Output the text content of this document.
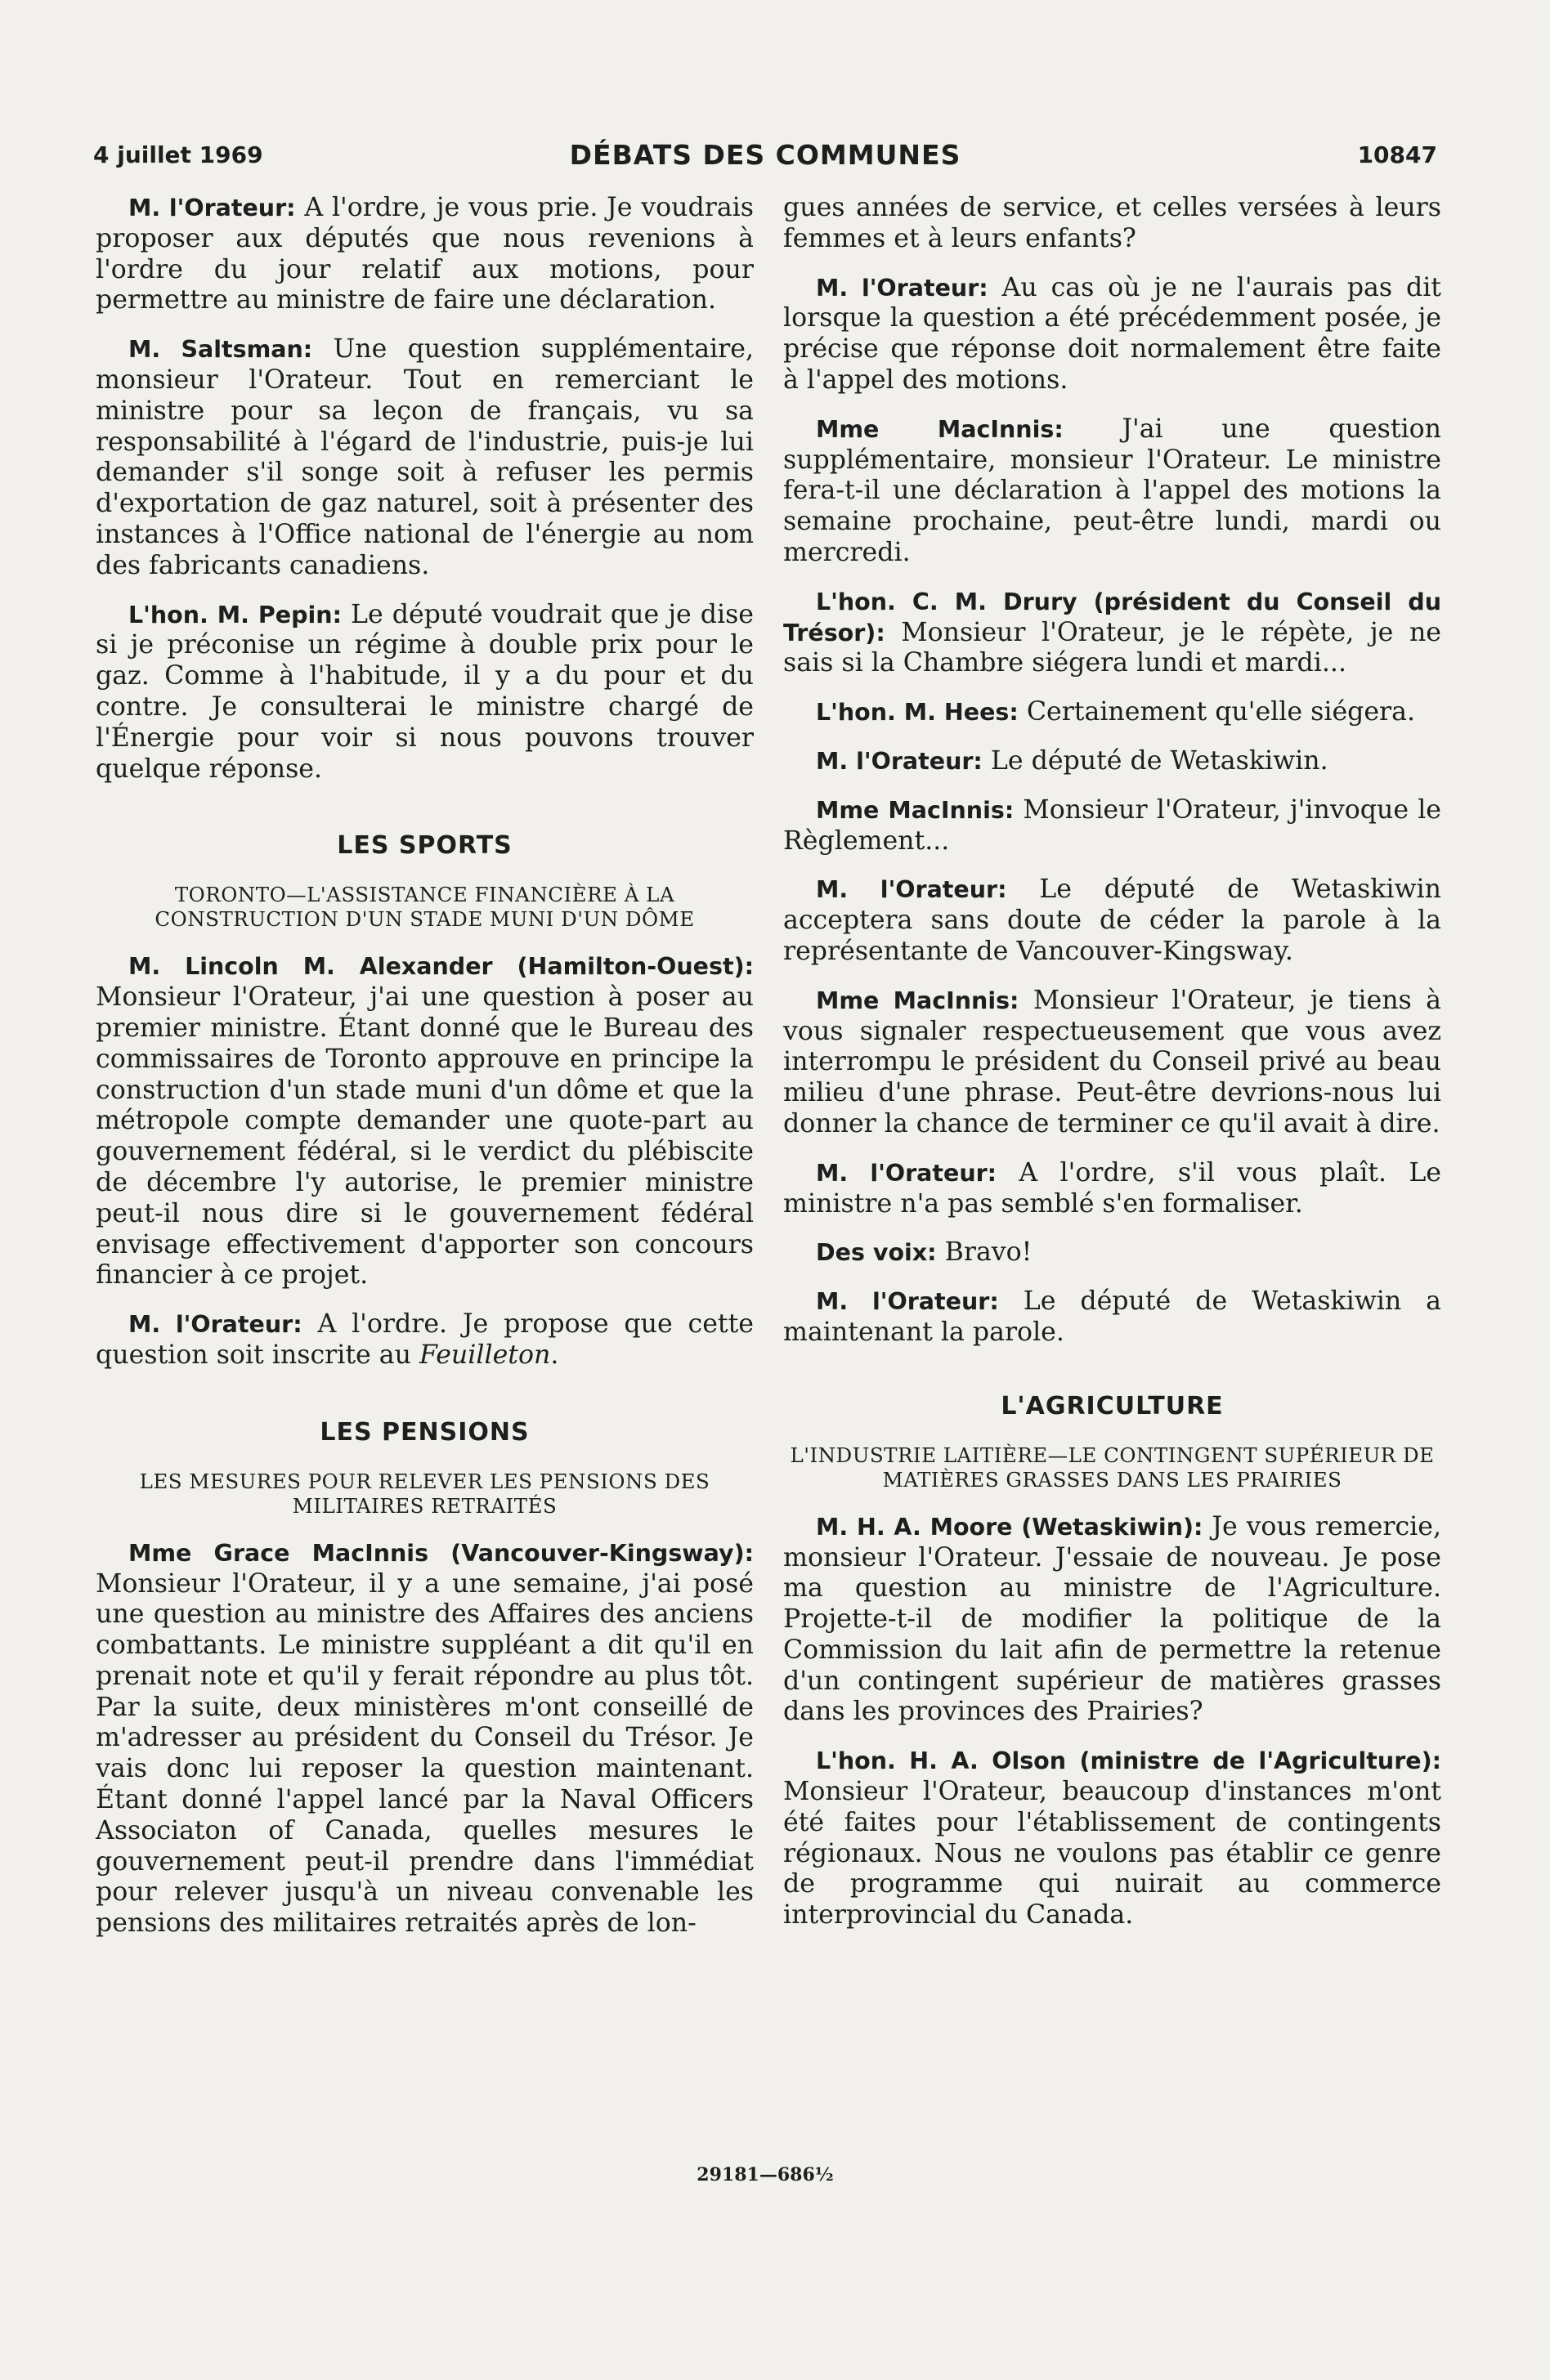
4 juillet 1969	DÉBATS DES COMMUNES	10847

M. l'Orateur: A l'ordre, je vous prie. Je voudrais proposer aux députés que nous revenions à l'ordre du jour relatif aux motions, pour permettre au ministre de faire une déclaration.

M. Saltsman: Une question supplémentaire, monsieur l'Orateur. Tout en remerciant le ministre pour sa leçon de français, vu sa responsabilité à l'égard de l'industrie, puis-je lui demander s'il songe soit à refuser les permis d'exportation de gaz naturel, soit à présenter des instances à l'Office national de l'énergie au nom des fabricants canadiens.

L'hon. M. Pepin: Le député voudrait que je dise si je préconise un régime à double prix pour le gaz. Comme à l'habitude, il y a du pour et du contre. Je consulterai le ministre chargé de l'Énergie pour voir si nous pouvons trouver quelque réponse.

LES SPORTS
TORONTO—L'ASSISTANCE FINANCIÈRE À LA CONSTRUCTION D'UN STADE MUNI D'UN DÔME

M. Lincoln M. Alexander (Hamilton-Ouest): Monsieur l'Orateur, j'ai une question à poser au premier ministre. Étant donné que le Bureau des commissaires de Toronto approuve en principe la construction d'un stade muni d'un dôme et que la métropole compte demander une quote-part au gouvernement fédéral, si le verdict du plébiscite de décembre l'y autorise, le premier ministre peut-il nous dire si le gouvernement fédéral envisage effectivement d'apporter son concours financier à ce projet.

M. l'Orateur: A l'ordre. Je propose que cette question soit inscrite au Feuilleton.

LES PENSIONS
LES MESURES POUR RELEVER LES PENSIONS DES MILITAIRES RETRAITÉS

Mme Grace MacInnis (Vancouver-Kingsway): Monsieur l'Orateur, il y a une semaine, j'ai posé une question au ministre des Affaires des anciens combattants. Le ministre suppléant a dit qu'il en prenait note et qu'il y ferait répondre au plus tôt. Par la suite, deux ministères m'ont conseillé de m'adresser au président du Conseil du Trésor. Je vais donc lui reposer la question maintenant. Étant donné l'appel lancé par la Naval Officers Associaton of Canada, quelles mesures le gouvernement peut-il prendre dans l'immédiat pour relever jusqu'à un niveau convenable les pensions des militaires retraités après de lon-

gues années de service, et celles versées à leurs femmes et à leurs enfants?

M. l'Orateur: Au cas où je ne l'aurais pas dit lorsque la question a été précédemment posée, je précise que réponse doit normalement être faite à l'appel des motions.

Mme MacInnis: J'ai une question supplémentaire, monsieur l'Orateur. Le ministre fera-t-il une déclaration à l'appel des motions la semaine prochaine, peut-être lundi, mardi ou mercredi.

L'hon. C. M. Drury (président du Conseil du Trésor): Monsieur l'Orateur, je le répète, je ne sais si la Chambre siégera lundi et mardi...

L'hon. M. Hees: Certainement qu'elle siégera.

M. l'Orateur: Le député de Wetaskiwin.

Mme MacInnis: Monsieur l'Orateur, j'invoque le Règlement...

M. l'Orateur: Le député de Wetaskiwin acceptera sans doute de céder la parole à la représentante de Vancouver-Kingsway.

Mme MacInnis: Monsieur l'Orateur, je tiens à vous signaler respectueusement que vous avez interrompu le président du Conseil privé au beau milieu d'une phrase. Peut-être devrions-nous lui donner la chance de terminer ce qu'il avait à dire.

M. l'Orateur: A l'ordre, s'il vous plaît. Le ministre n'a pas semblé s'en formaliser.

Des voix: Bravo!

M. l'Orateur: Le député de Wetaskiwin a maintenant la parole.

L'AGRICULTURE
L'INDUSTRIE LAITIÈRE—LE CONTINGENT SUPÉRIEUR DE MATIÈRES GRASSES DANS LES PRAIRIES

M. H. A. Moore (Wetaskiwin): Je vous remercie, monsieur l'Orateur. J'essaie de nouveau. Je pose ma question au ministre de l'Agriculture. Projette-t-il de modifier la politique de la Commission du lait afin de permettre la retenue d'un contingent supérieur de matières grasses dans les provinces des Prairies?

L'hon. H. A. Olson (ministre de l'Agriculture): Monsieur l'Orateur, beaucoup d'instances m'ont été faites pour l'établissement de contingents régionaux. Nous ne voulons pas établir ce genre de programme qui nuirait au commerce interprovincial du Canada.

29181—686½
